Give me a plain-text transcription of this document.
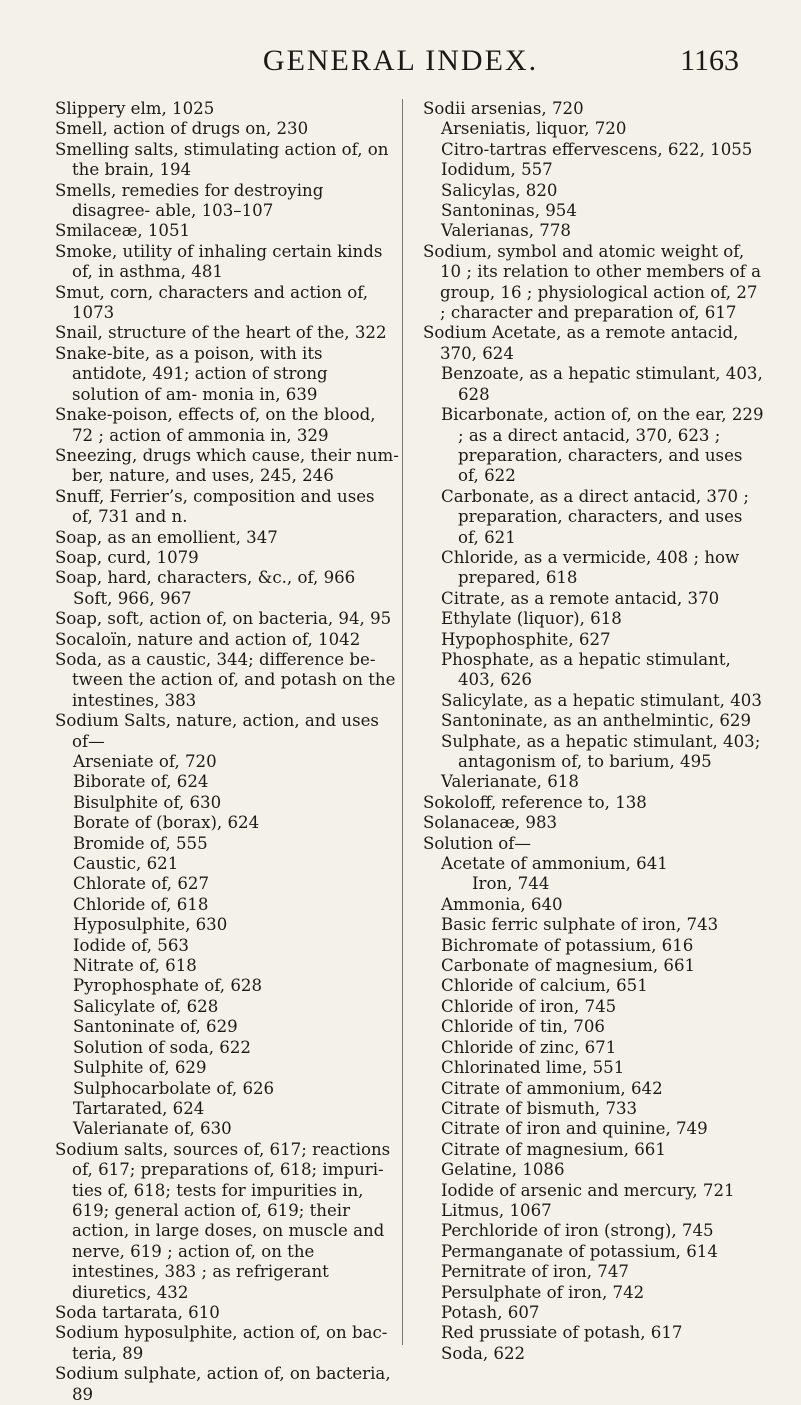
GENERAL INDEX.	1163
Slippery elm, 1025
Smell, action of drugs on, 230
Smelling salts, stimulating action of, on the brain, 194
Smells, remedies for destroying disagree- able, 103–107
Smilaceæ, 1051
Smoke, utility of inhaling certain kinds of, in asthma, 481
Smut, corn, characters and action of, 1073
Snail, structure of the heart of the, 322
Snake-bite, as a poison, with its antidote, 491; action of strong solution of am- monia in, 639
Snake-poison, effects of, on the blood, 72 ; action of ammonia in, 329
Sneezing, drugs which cause, their num- ber, nature, and uses, 245, 246
Snuff, Ferrier’s, composition and uses of, 731 and n.
Soap, as an emollient, 347
Soap, curd, 1079
Soap, hard, characters, &c., of, 966
Soft, 966, 967
Soap, soft, action of, on bacteria, 94, 95
Socaloïn, nature and action of, 1042
Soda, as a caustic, 344; difference be- tween the action of, and potash on the intestines, 383
Sodium Salts, nature, action, and uses of—
Arseniate of, 720
Biborate of, 624
Bisulphite of, 630
Borate of (borax), 624
Bromide of, 555
Caustic, 621
Chlorate of, 627
Chloride of, 618
Hyposulphite, 630
Iodide of, 563
Nitrate of, 618
Pyrophosphate of, 628
Salicylate of, 628
Santoninate of, 629
Solution of soda, 622
Sulphite of, 629
Sulphocarbolate of, 626
Tartarated, 624
Valerianate of, 630
Sodium salts, sources of, 617; reactions of, 617; preparations of, 618; impuri- ties of, 618; tests for impurities in, 619; general action of, 619; their action, in large doses, on muscle and nerve, 619 ; action of, on the intestines, 383 ; as refrigerant diuretics, 432
Soda tartarata, 610
Sodium hyposulphite, action of, on bac- teria, 89
Sodium sulphate, action of, on bacteria, 89
Sodii arsenias, 720
Arseniatis, liquor, 720
Citro-tartras effervescens, 622, 1055
Iodidum, 557
Salicylas, 820
Santoninas, 954
Valerianas, 778
Sodium, symbol and atomic weight of, 10 ; its relation to other members of a group, 16 ; physiological action of, 27 ; character and preparation of, 617
Sodium Acetate, as a remote antacid, 370, 624
Benzoate, as a hepatic stimulant, 403, 628
Bicarbonate, action of, on the ear, 229 ; as a direct antacid, 370, 623 ; preparation, characters, and uses of, 622
Carbonate, as a direct antacid, 370 ; preparation, characters, and uses of, 621
Chloride, as a vermicide, 408 ; how prepared, 618
Citrate, as a remote antacid, 370
Ethylate (liquor), 618
Hypophosphite, 627
Phosphate, as a hepatic stimulant, 403, 626
Salicylate, as a hepatic stimulant, 403
Santoninate, as an anthelmintic, 629
Sulphate, as a hepatic stimulant, 403; antagonism of, to barium, 495
Valerianate, 618
Sokoloff, reference to, 138
Solanaceæ, 983
Solution of—
Acetate of ammonium, 641
Iron, 744
Ammonia, 640
Basic ferric sulphate of iron, 743
Bichromate of potassium, 616
Carbonate of magnesium, 661
Chloride of calcium, 651
Chloride of iron, 745
Chloride of tin, 706
Chloride of zinc, 671
Chlorinated lime, 551
Citrate of ammonium, 642
Citrate of bismuth, 733
Citrate of iron and quinine, 749
Citrate of magnesium, 661
Gelatine, 1086
Iodide of arsenic and mercury, 721
Litmus, 1067
Perchloride of iron (strong), 745
Permanganate of potassium, 614
Pernitrate of iron, 747
Persulphate of iron, 742
Potash, 607
Red prussiate of potash, 617
Soda, 622
